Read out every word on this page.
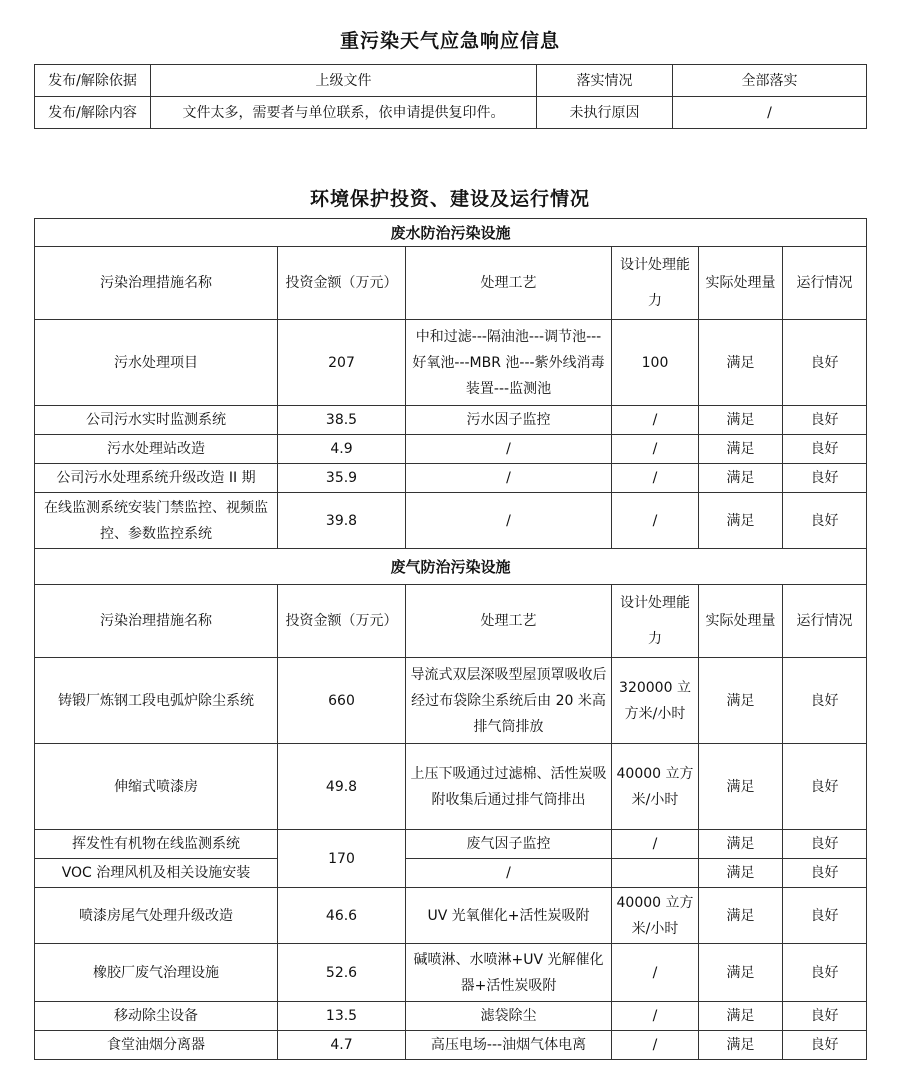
重污染天气应急响应信息
发布/解除依据	上级文件	落实情况	全部落实
发布/解除内容	文件太多，需要者与单位联系，依申请提供复印件。	未执行原因	/
环境保护投资、建设及运行情况
废水防治污染设施					
污染治理措施名称	投资金额（万元）	处理工艺	设计处理能力	实际处理量	运行情况
污水处理项目	207	中和过滤---隔油池---调节池---好氧池---MBR 池---紫外线消毒装置---监测池	100	满足	良好
公司污水实时监测系统	38.5	污水因子监控	/	满足	良好
污水处理站改造	4.9	/	/	满足	良好
公司污水处理系统升级改造 II 期	35.9	/	/	满足	良好
在线监测系统安装门禁监控、视频监控、参数监控系统	39.8	/	/	满足	良好
废气防治污染设施					
污染治理措施名称	投资金额（万元）	处理工艺	设计处理能力	实际处理量	运行情况
铸锻厂炼钢工段电弧炉除尘系统	660	导流式双层深吸型屋顶罩吸收后经过布袋除尘系统后由 20 米高排气筒排放	320000 立方米/小时	满足	良好
伸缩式喷漆房	49.8	上压下吸通过过滤棉、活性炭吸附收集后通过排气筒排出	40000 立方米/小时	满足	良好
挥发性有机物在线监测系统	170	废气因子监控	/	满足	良好
VOC 治理风机及相关设施安装		/		满足	良好
喷漆房尾气处理升级改造	46.6	UV 光氧催化+活性炭吸附	40000 立方米/小时	满足	良好
橡胶厂废气治理设施	52.6	碱喷淋、水喷淋+UV 光解催化器+活性炭吸附	/	满足	良好
移动除尘设备	13.5	滤袋除尘	/	满足	良好
食堂油烟分离器	4.7	高压电场---油烟气体电离	/	满足	良好
